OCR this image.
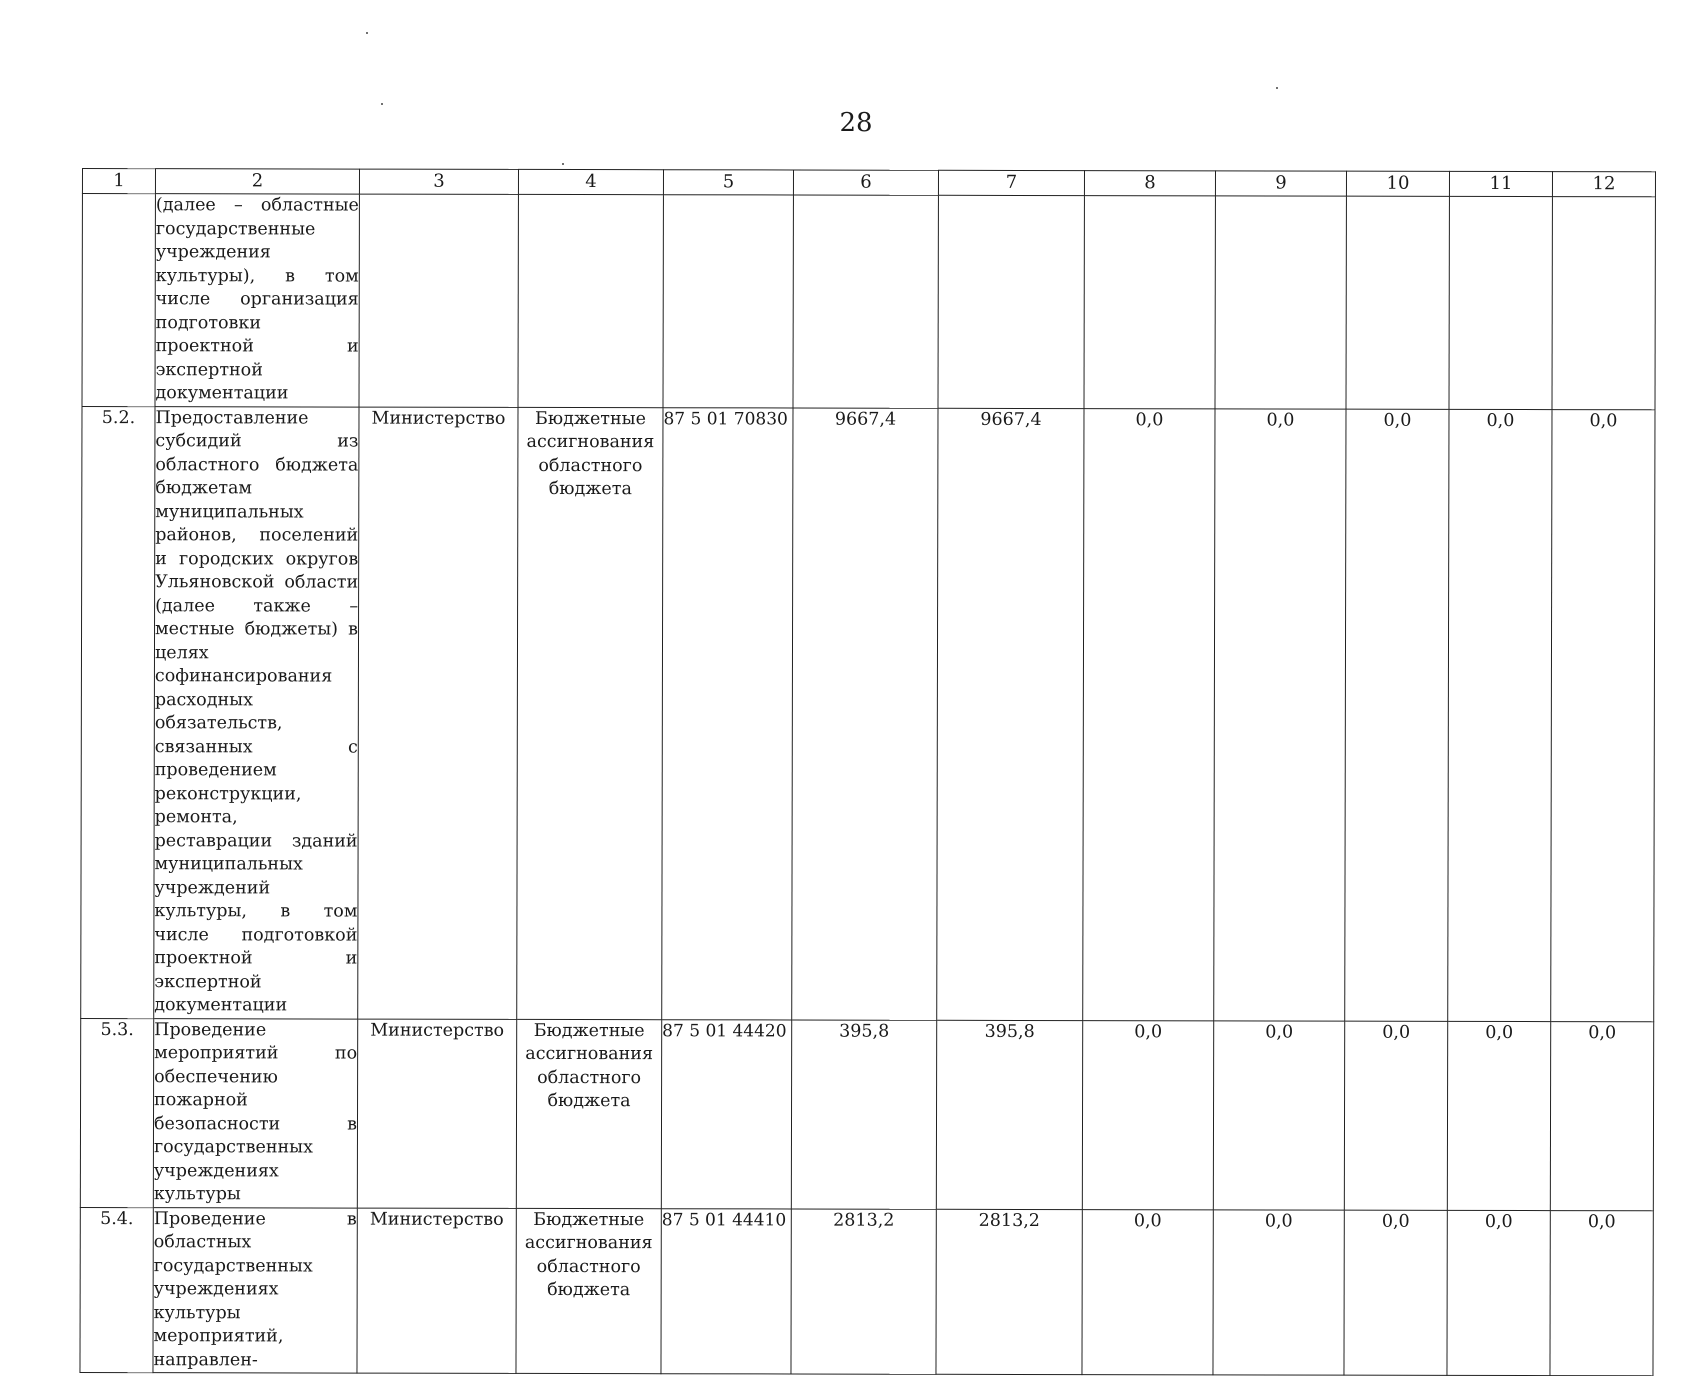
28
1	2	3	4	5	6	7	8	9	10	11	12
	(далее – областные государственные учреждения культуры), в том числе организация подготовки проектной и экспертной документации										
5.2.	Предоставление субсидий из областного бюджета бюджетам муниципальных районов, поселений и городских округов Ульяновской области (далее также – местные бюджеты) в целях софинансирования расходных обязательств, связанных с проведением реконструкции, ремонта, реставрации зданий муниципальных учреждений культуры, в том числе подготовкой проектной и экспертной документации	Министерство	Бюджетные ассигнования областного бюджета	87 5 01 70830	9667,4	9667,4	0,0	0,0	0,0	0,0	0,0
5.3.	Проведение мероприятий по обеспечению пожарной безопасности в государственных учреждениях культуры	Министерство	Бюджетные ассигнования областного бюджета	87 5 01 44420	395,8	395,8	0,0	0,0	0,0	0,0	0,0
5.4.	Проведение в областных государственных учреждениях культуры мероприятий, направлен-	Министерство	Бюджетные ассигнования областного бюджета	87 5 01 44410	2813,2	2813,2	0,0	0,0	0,0	0,0	0,0
